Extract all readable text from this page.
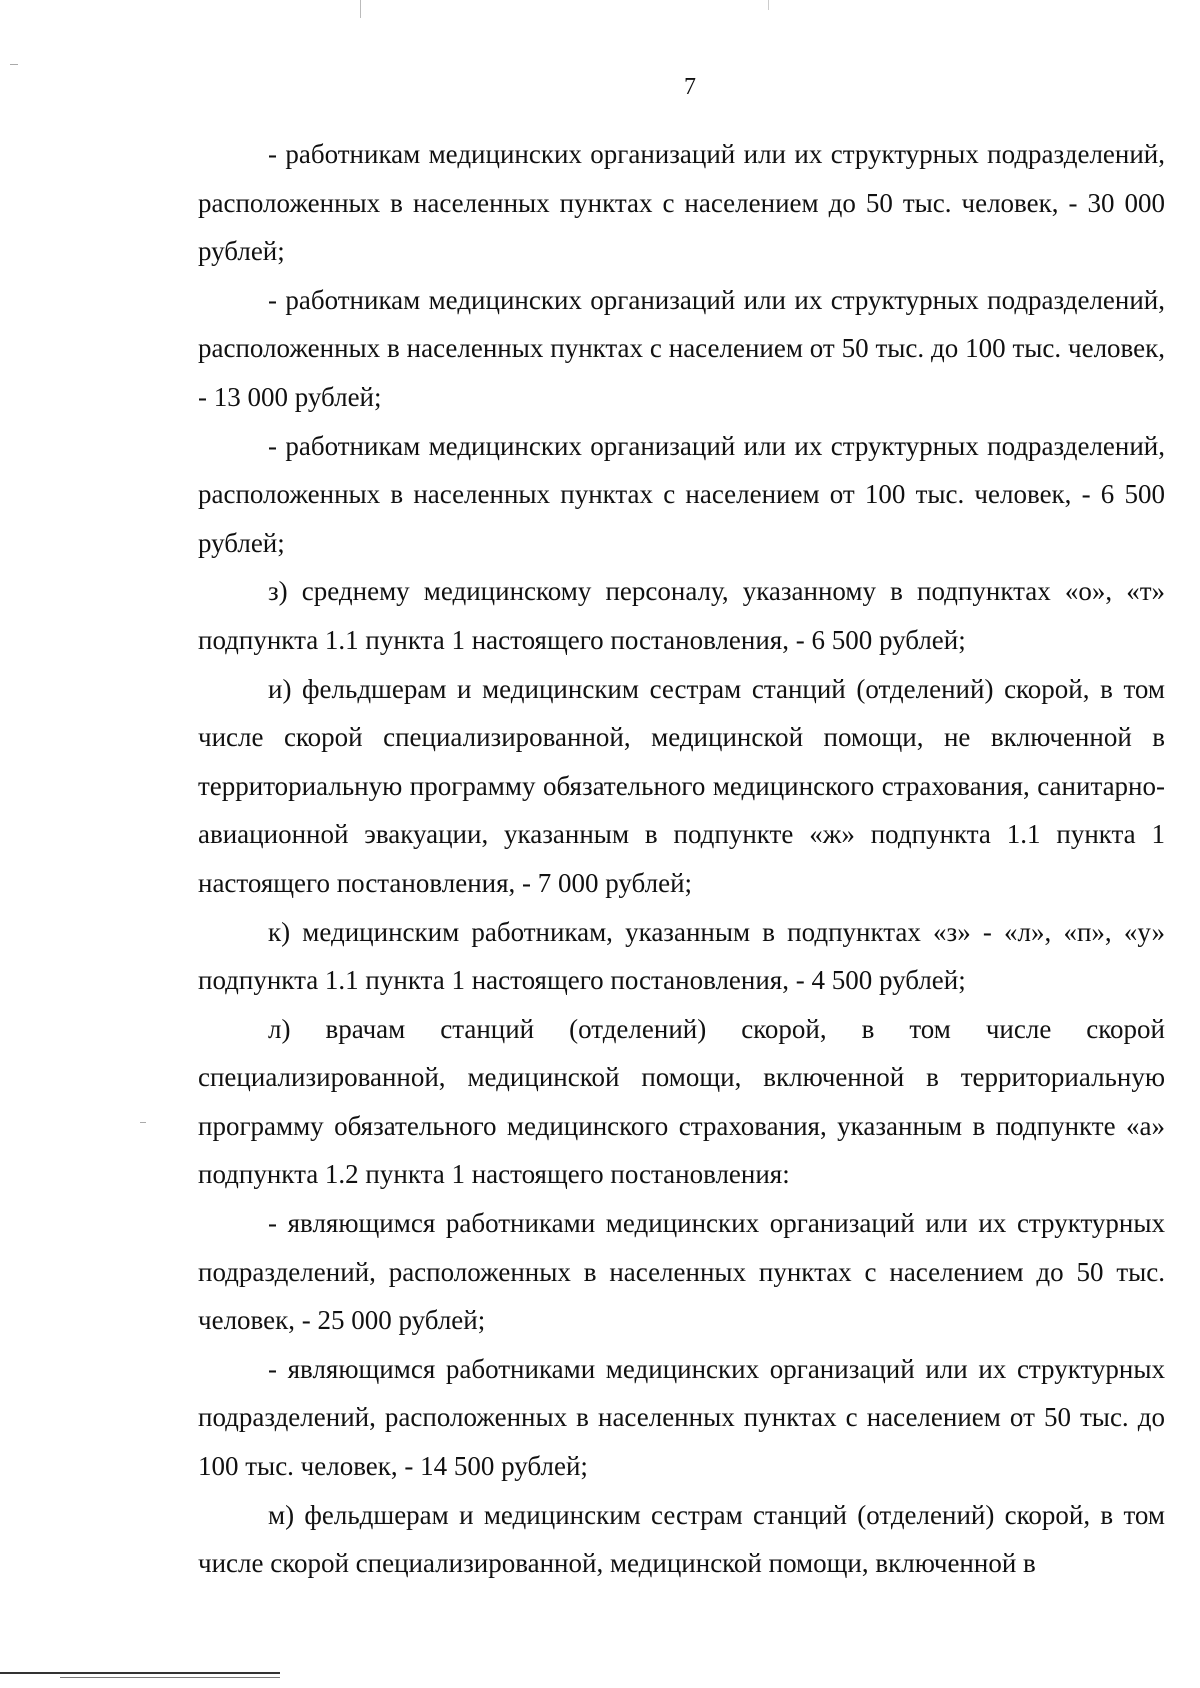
7

- работникам медицинских организаций или их структурных подразделений, расположенных в населенных пунктах с населением до 50 тыс. человек, - 30 000 рублей;

- работникам медицинских организаций или их структурных подразделений, расположенных в населенных пунктах с населением от 50 тыс. до 100 тыс. человек, - 13 000 рублей;

- работникам медицинских организаций или их структурных подразделений, расположенных в населенных пунктах с населением от 100 тыс. человек, - 6 500 рублей;

з) среднему медицинскому персоналу, указанному в подпунктах «о», «т» подпункта 1.1 пункта 1 настоящего постановления, - 6 500 рублей;

и) фельдшерам и медицинским сестрам станций (отделений) скорой, в том числе скорой специализированной, медицинской помощи, не включенной в территориальную программу обязательного медицинского страхования, санитарно-авиационной эвакуации, указанным в подпункте «ж» подпункта 1.1 пункта 1 настоящего постановления, - 7 000 рублей;

к) медицинским работникам, указанным в подпунктах «з» - «л», «п», «у» подпункта 1.1 пункта 1 настоящего постановления, - 4 500 рублей;

л) врачам станций (отделений) скорой, в том числе скорой специализированной, медицинской помощи, включенной в территориальную программу обязательного медицинского страхования, указанным в подпункте «а» подпункта 1.2 пункта 1 настоящего постановления:

- являющимся работниками медицинских организаций или их структурных подразделений, расположенных в населенных пунктах с населением до 50 тыс. человек, - 25 000 рублей;

- являющимся работниками медицинских организаций или их структурных подразделений, расположенных в населенных пунктах с населением от 50 тыс. до 100 тыс. человек, - 14 500 рублей;

м) фельдшерам и медицинским сестрам станций (отделений) скорой, в том числе скорой специализированной, медицинской помощи, включенной в
